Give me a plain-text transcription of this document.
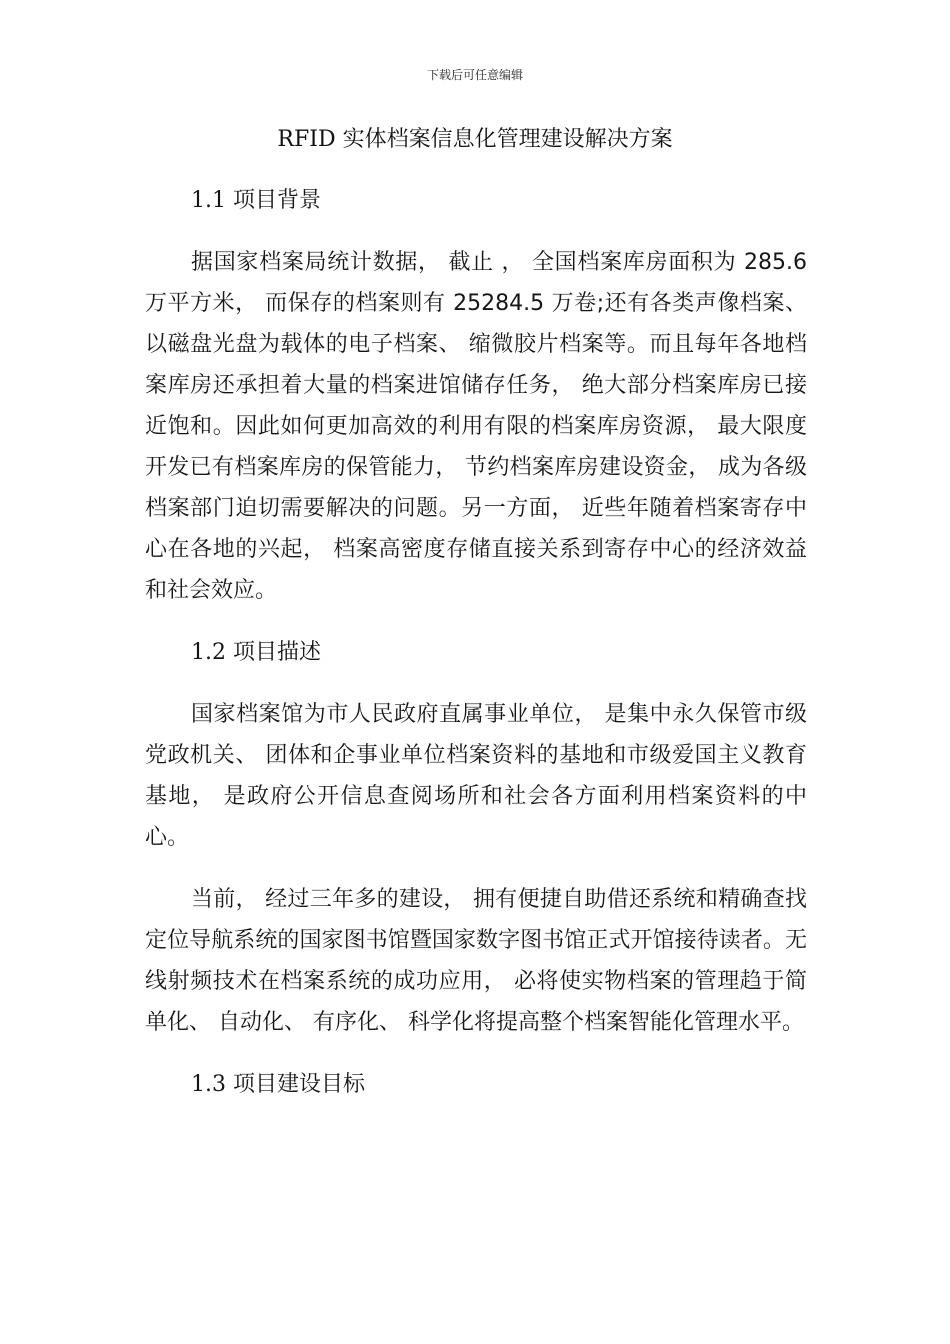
下载后可任意编辑
RFID 实体档案信息化管理建设解决方案
1.1 项目背景

据国家档案局统计数据， 截止 ， 全国档案库房面积为 285.6 万平方米， 而保存的档案则有 25284.5 万卷;还有各类声像档案、 以磁盘光盘为载体的电子档案、 缩微胶片档案等。而且每年各地档案库房还承担着大量的档案进馆储存任务， 绝大部分档案库房已接近饱和。因此如何更加高效的利用有限的档案库房资源， 最大限度开发已有档案库房的保管能力， 节约档案库房建设资金， 成为各级档案部门迫切需要解决的问题。另一方面， 近些年随着档案寄存中心在各地的兴起， 档案高密度存储直接关系到寄存中心的经济效益和社会效应。

1.2 项目描述

国家档案馆为市人民政府直属事业单位， 是集中永久保管市级党政机关、 团体和企事业单位档案资料的基地和市级爱国主义教育基地， 是政府公开信息查阅场所和社会各方面利用档案资料的中心。

当前， 经过三年多的建设， 拥有便捷自助借还系统和精确查找定位导航系统的国家图书馆暨国家数字图书馆正式开馆接待读者。无线射频技术在档案系统的成功应用， 必将使实物档案的管理趋于简单化、 自动化、 有序化、 科学化将提高整个档案智能化管理水平。

1.3 项目建设目标
